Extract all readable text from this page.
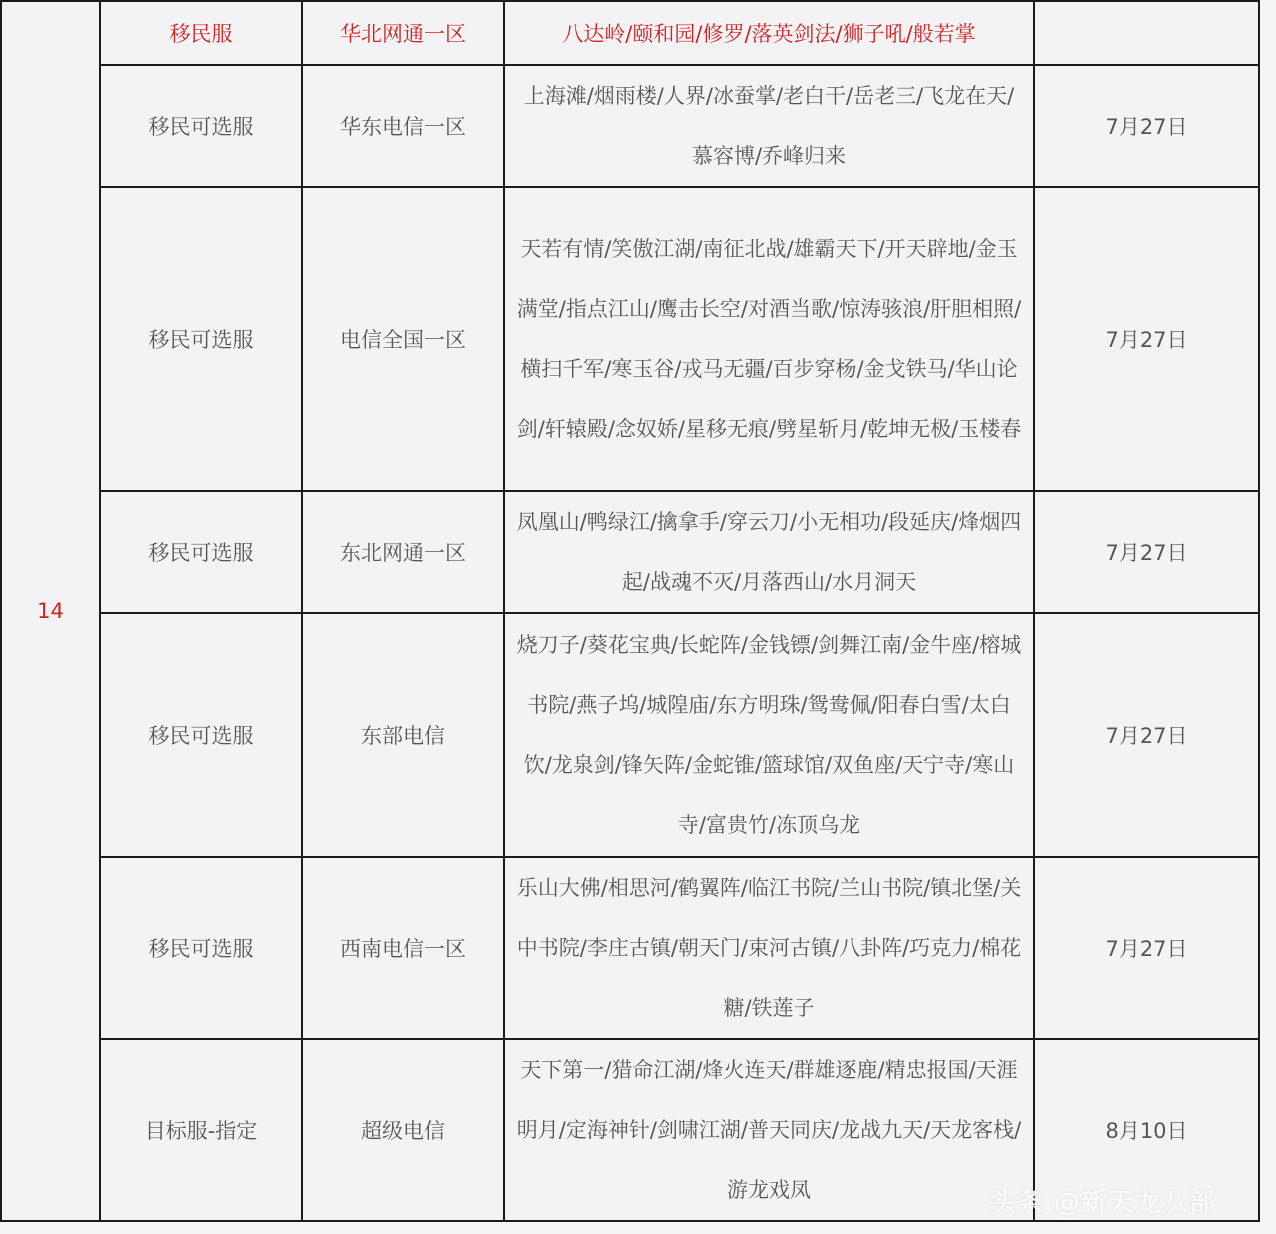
14	移民服	华北网通一区	八达岭/颐和园/修罗/落英剑法/狮子吼/般若掌	
	移民可选服	华东电信一区	上海滩/烟雨楼/人界/冰蚕掌/老白干/岳老三/飞龙在天/慕容博/乔峰归来	7月27日
	移民可选服	电信全国一区	天若有情/笑傲江湖/南征北战/雄霸天下/开天辟地/金玉满堂/指点江山/鹰击长空/对酒当歌/惊涛骇浪/肝胆相照/横扫千军/寒玉谷/戎马无疆/百步穿杨/金戈铁马/华山论剑/轩辕殿/念奴娇/星移无痕/劈星斩月/乾坤无极/玉楼春	7月27日
	移民可选服	东北网通一区	凤凰山/鸭绿江/擒拿手/穿云刀/小无相功/段延庆/烽烟四起/战魂不灭/月落西山/水月洞天	7月27日
	移民可选服	东部电信	烧刀子/葵花宝典/长蛇阵/金钱镖/剑舞江南/金牛座/榕城书院/燕子坞/城隍庙/东方明珠/鸳鸯佩/阳春白雪/太白饮/龙泉剑/锋矢阵/金蛇锥/篮球馆/双鱼座/天宁寺/寒山寺/富贵竹/冻顶乌龙	7月27日
	移民可选服	西南电信一区	乐山大佛/相思河/鹤翼阵/临江书院/兰山书院/镇北堡/关中书院/李庄古镇/朝天门/束河古镇/八卦阵/巧克力/棉花糖/铁莲子	7月27日
	目标服-指定	超级电信	天下第一/猎命江湖/烽火连天/群雄逐鹿/精忠报国/天涯明月/定海神针/剑啸江湖/普天同庆/龙战九天/天龙客栈/游龙戏凤	8月10日
头条 @新天龙八部
